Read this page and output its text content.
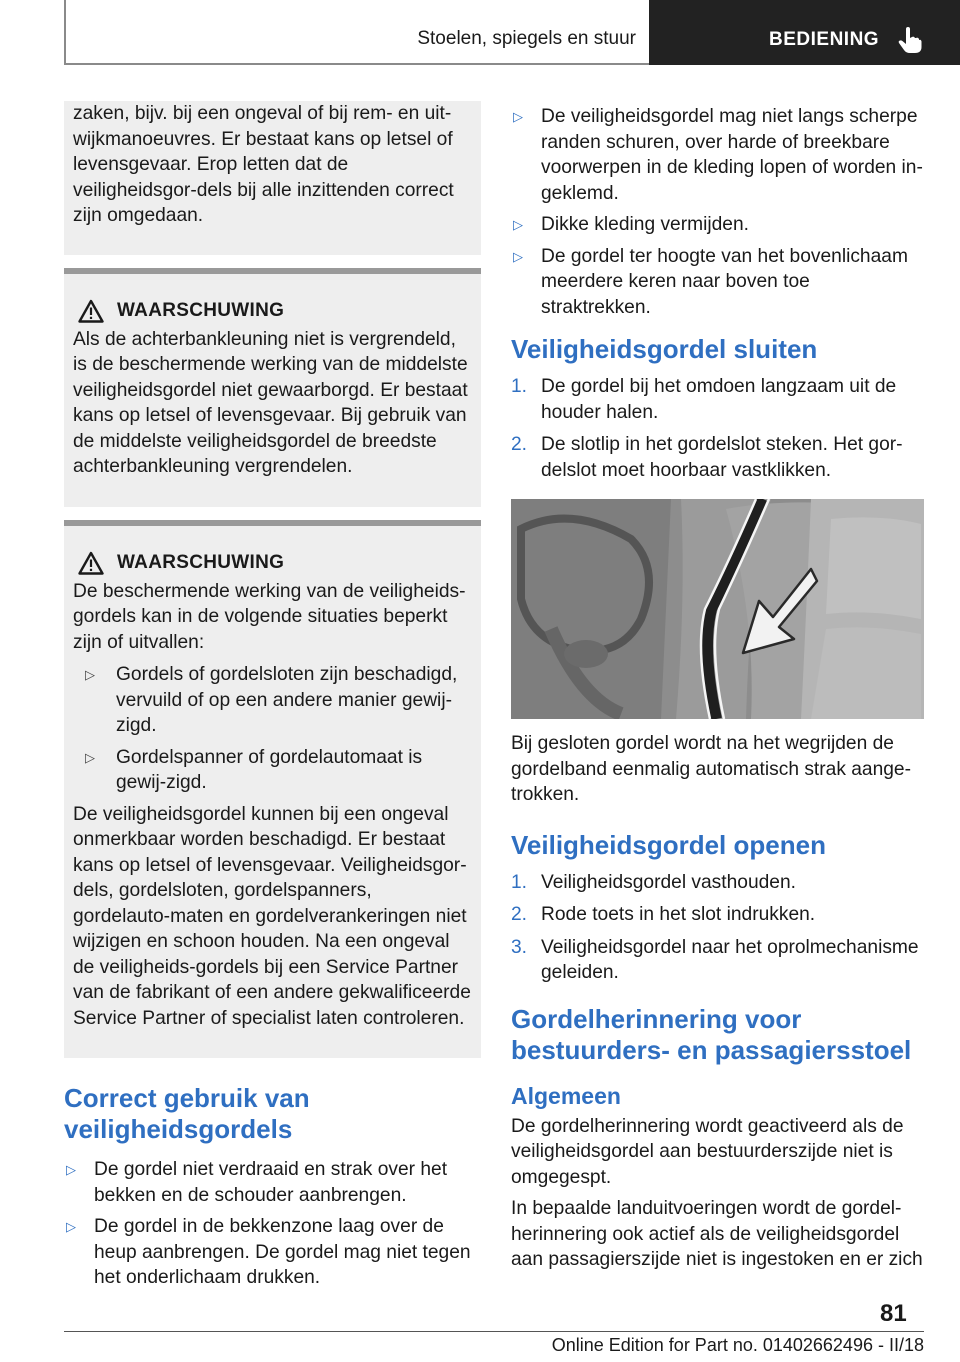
Stoelen, spiegels en stuur	BEDIENING

zaken, bijv. bij een ongeval of bij rem- en uit-wijkmanoeuvres. Er bestaat kans op letsel of levensgevaar. Erop letten dat de veiligheidsgor-dels bij alle inzittenden correct zijn omgedaan.

WAARSCHUWING

Als de achterbankleuning niet is vergrendeld, is de beschermende werking van de middelste veiligheidsgordel niet gewaarborgd. Er bestaat kans op letsel of levensgevaar. Bij gebruik van de middelste veiligheidsgordel de breedste achterbankleuning vergrendelen.

WAARSCHUWING

De beschermende werking van de veiligheids-gordels kan in de volgende situaties beperkt zijn of uitvallen:

▷ Gordels of gordelsloten zijn beschadigd, vervuild of op een andere manier gewij-zigd.
▷ Gordelspanner of gordelautomaat is gewij-zigd.

De veiligheidsgordel kunnen bij een ongeval onmerkbaar worden beschadigd. Er bestaat kans op letsel of levensgevaar. Veiligheidsgor-dels, gordelsloten, gordelspanners, gordelauto-maten en gordelverankeringen niet wijzigen en schoon houden. Na een ongeval de veiligheids-gordels bij een Service Partner van de fabrikant of een andere gekwalificeerde Service Partner of specialist laten controleren.

Correct gebruik van veiligheidsgordels
▷ De gordel niet verdraaid en strak over het bekken en de schouder aanbrengen.
▷ De gordel in de bekkenzone laag over de heup aanbrengen. De gordel mag niet tegen het onderlichaam drukken.
▷ De veiligheidsgordel mag niet langs scherpe randen schuren, over harde of breekbare voorwerpen in de kleding lopen of worden in-geklemd.
▷ Dikke kleding vermijden.
▷ De gordel ter hoogte van het bovenlichaam meerdere keren naar boven toe straktrekken.
Veiligheidsgordel sluiten
1. De gordel bij het omdoen langzaam uit de houder halen.
2. De slotlip in het gordelslot steken. Het gor-delslot moet hoorbaar vastklikken.

Bij gesloten gordel wordt na het wegrijden de gordelband eenmalig automatisch strak aange-trokken.

Veiligheidsgordel openen
1. Veiligheidsgordel vasthouden.
2. Rode toets in het slot indrukken.
3. Veiligheidsgordel naar het oprolmechanisme geleiden.
Gordelherinnering voor bestuurders- en passagiersstoel
Algemeen

De gordelherinnering wordt geactiveerd als de veiligheidsgordel aan bestuurderszijde niet is omgegespt.

In bepaalde landuitvoeringen wordt de gordel-herinnering ook actief als de veiligheidsgordel aan passagierszijde niet is ingestoken en er zich

81
Online Edition for Part no. 01402662496 - II/18
